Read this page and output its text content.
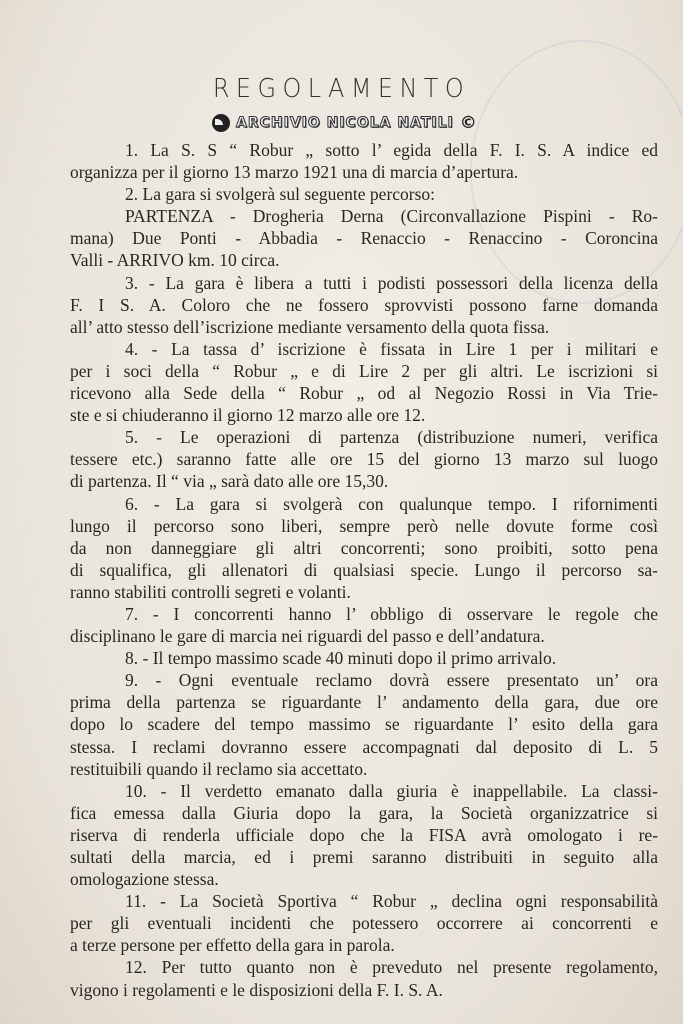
REGOLAMENTO
ARCHIVIO NICOLA NATILI ©
1. La S. S “ Robur „ sotto l’ egida della F. I. S. A indice ed
organizza per il giorno 13 marzo 1921 una di marcia d’apertura.
2. La gara si svolgerà sul seguente percorso:
PARTENZA - Drogheria Derna (Circonvallazione Pispini - Ro-
mana) Due Ponti - Abbadia - Renaccio - Renaccino - Coroncina
Valli - ARRIVO km. 10 circa.
3. - La gara è libera a tutti i podisti possessori della licenza della
F. I S. A. Coloro che ne fossero sprovvisti possono farne domanda
all’ atto stesso dell’iscrizione mediante versamento della quota fissa.
4. - La tassa d’ iscrizione è fissata in Lire 1 per i militari e
per i soci della “ Robur „ e di Lire 2 per gli altri. Le iscrizioni si
ricevono alla Sede della “ Robur „ od al Negozio Rossi in Via Trie-
ste e si chiuderanno il giorno 12 marzo alle ore 12.
5. - Le operazioni di partenza (distribuzione numeri, verifica
tessere etc.) saranno fatte alle ore 15 del giorno 13 marzo sul luogo
di partenza. Il “ via „ sarà dato alle ore 15,30.
6. - La gara si svolgerà con qualunque tempo. I rifornimenti
lungo il percorso sono liberi, sempre però nelle dovute forme così
da non danneggiare gli altri concorrenti; sono proibiti, sotto pena
di squalifica, gli allenatori di qualsiasi specie. Lungo il percorso sa-
ranno stabiliti controlli segreti e volanti.
7. - I concorrenti hanno l’ obbligo di osservare le regole che
disciplinano le gare di marcia nei riguardi del passo e dell’andatura.
8. - Il tempo massimo scade 40 minuti dopo il primo arrivalo.
9. - Ogni eventuale reclamo dovrà essere presentato un’ ora
prima della partenza se riguardante l’ andamento della gara, due ore
dopo lo scadere del tempo massimo se riguardante l’ esito della gara
stessa. I reclami dovranno essere accompagnati dal deposito di L. 5
restituibili quando il reclamo sia accettato.
10. - Il verdetto emanato dalla giuria è inappellabile. La classi-
fica emessa dalla Giuria dopo la gara, la Società organizzatrice si
riserva di renderla ufficiale dopo che la FISA avrà omologato i re-
sultati della marcia, ed i premi saranno distribuiti in seguito alla
omologazione stessa.
11. - La Società Sportiva “ Robur „ declina ogni responsabilità
per gli eventuali incidenti che potessero occorrere ai concorrenti e
a terze persone per effetto della gara in parola.
12. Per tutto quanto non è preveduto nel presente regolamento,
vigono i regolamenti e le disposizioni della F. I. S. A.
